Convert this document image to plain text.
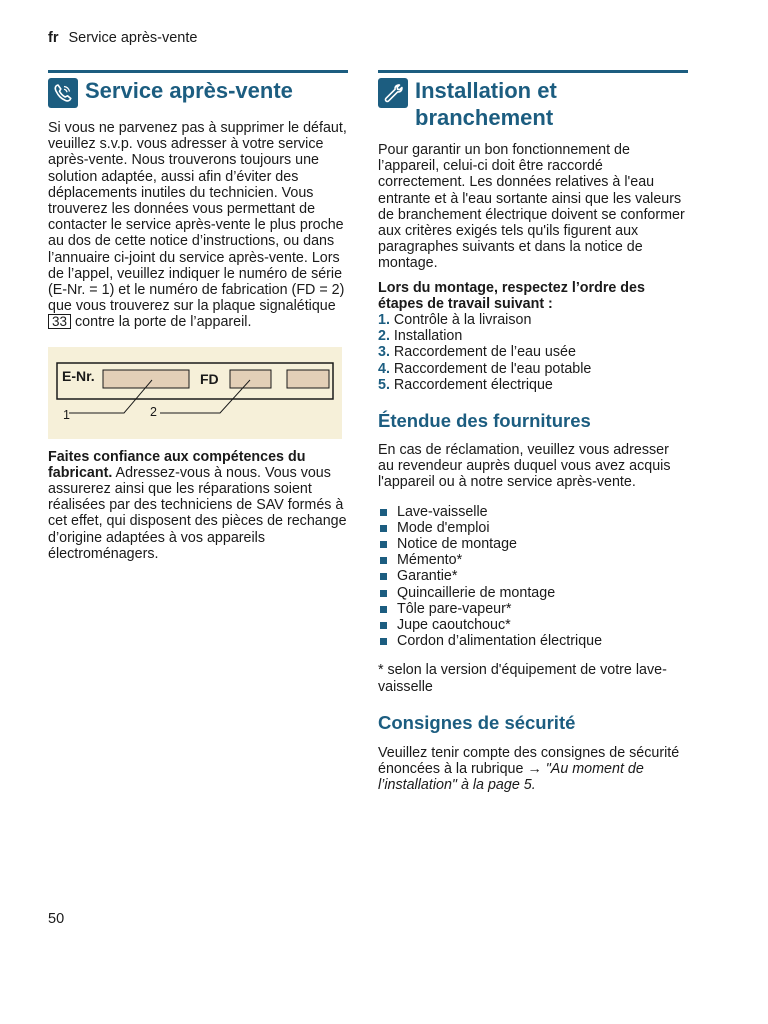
fr Service après-vente
Service après-vente

Si vous ne parvenez pas à supprimer le défaut, veuillez s.v.p. vous adresser à votre service après-vente. Nous trouverons toujours une solution adaptée, aussi afin d’éviter des déplacements inutiles du technicien. Vous trouverez les données vous permettant de contacter le service après-vente le plus proche au dos de cette notice d’instructions, ou dans l’annuaire ci-joint du service après-vente. Lors de l’appel, veuillez indiquer le numéro de série (E-Nr. = 1) et le numéro de fabrication (FD = 2) que vous trouverez sur la plaque signalétique 33 contre la porte de l’appareil.

E-Nr.	FD
1	2

Faites confiance aux compétences du fabricant. Adressez-vous à nous. Vous vous assurerez ainsi que les réparations soient réalisées par des techniciens de SAV formés à cet effet, qui disposent des pièces de rechange d’origine adaptées à vos appareils électroménagers.

Installation et
branchement

Pour garantir un bon fonctionnement de l’appareil, celui-ci doit être raccordé correctement. Les données relatives à l'eau entrante et à l'eau sortante ainsi que les valeurs de branchement électrique doivent se conformer aux critères exigés tels qu'ils figurent aux paragraphes suivants et dans la notice de montage.

Lors du montage, respectez l’ordre des étapes de travail suivant :

1. Contrôle à la livraison
2. Installation
3. Raccordement de l’eau usée
4. Raccordement de l'eau potable
5. Raccordement électrique
Étendue des fournitures

En cas de réclamation, veuillez vous adresser au revendeur auprès duquel vous avez acquis l'appareil ou à notre service après-vente.

Lave-vaisselle
Mode d'emploi
Notice de montage
Mémento*
Garantie*
Quincaillerie de montage
Tôle pare-vapeur*
Jupe caoutchouc*
Cordon d’alimentation électrique

* selon la version d'équipement de votre lave-vaisselle

Consignes de sécurité

Veuillez tenir compte des consignes de sécurité énoncées à la rubrique → "Au moment de l’installation" à la page 5.

50
